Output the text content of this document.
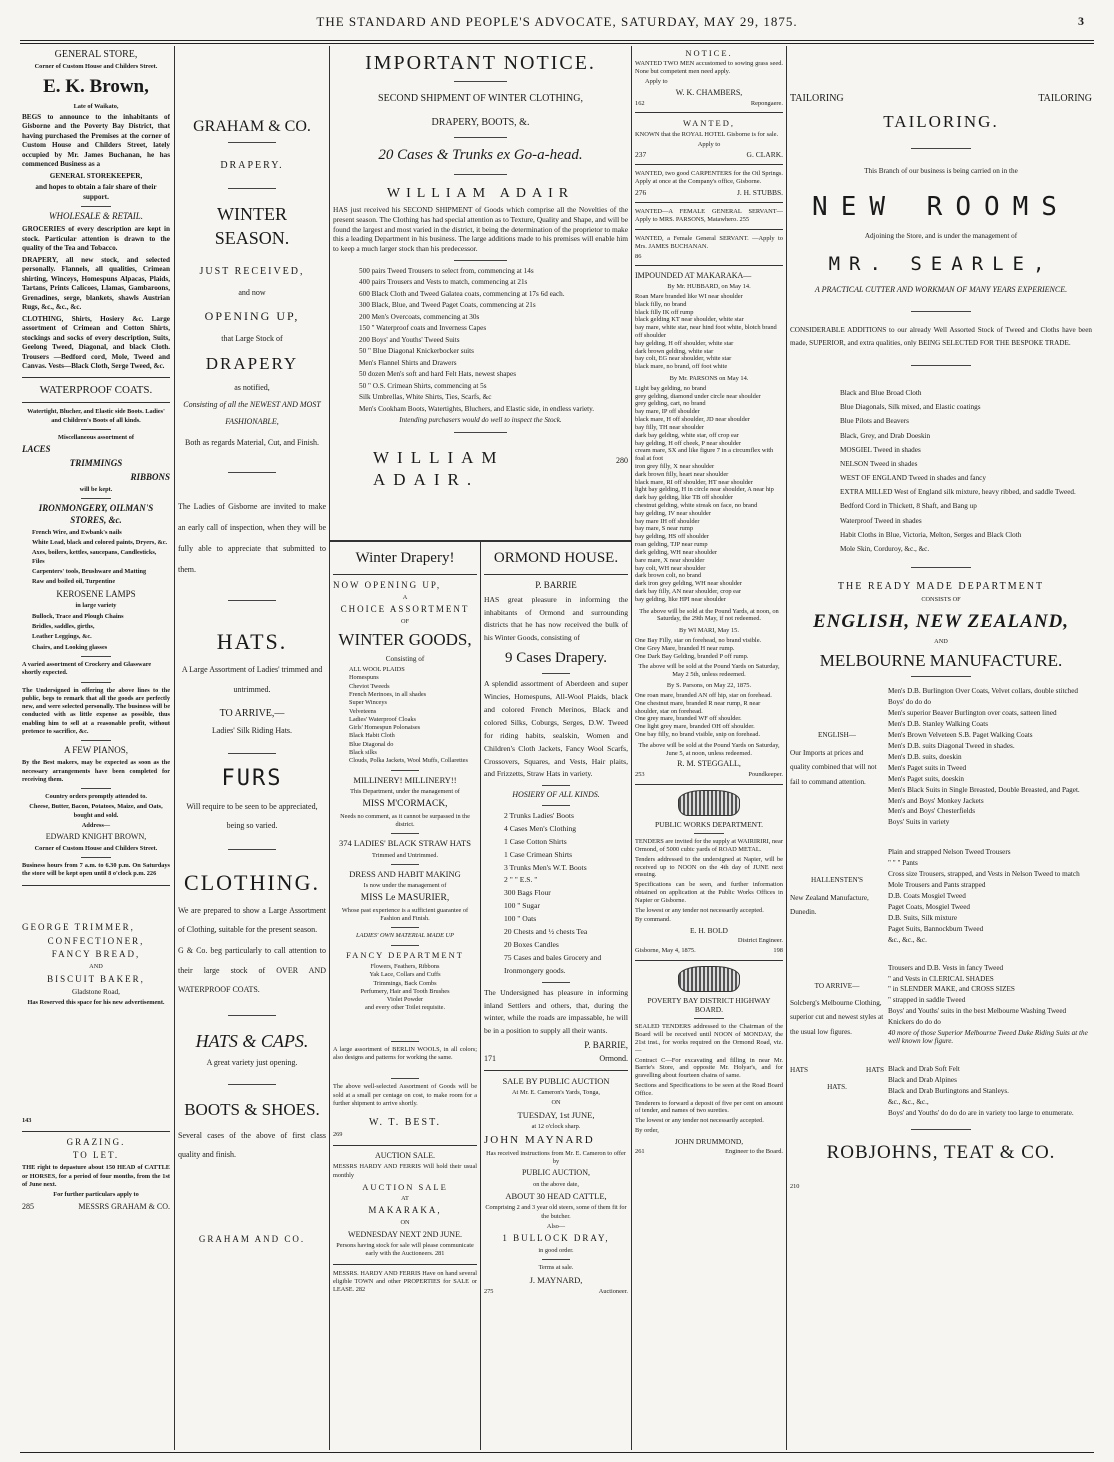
THE STANDARD AND PEOPLE'S ADVOCATE, SATURDAY, MAY 29, 1875.	3
GENERAL STORE,

Corner of Custom House and Childers Street.

E. K. Brown,

Late of Waikato,

BEGS to announce to the inhabitants of Gisborne and the Poverty Bay District, that having purchased the Premises at the corner of Custom House and Childers Street, lately occupied by Mr. James Buchanan, he has commenced Business as a

GENERAL STOREKEEPER,

and hopes to obtain a fair share of their support.

WHOLESALE & RETAIL.

GROCERIES of every description are kept in stock. Particular attention is drawn to the quality of the Tea and Tobacco.

DRAPERY, all new stock, and selected personally. Flannels, all qualities, Crimean shirting, Winceys, Homespuns Alpacas, Plaids, Tartans, Prints Calicoes, Llamas, Gambaroons, Grenadines, serge, blankets, shawls Austrian Rugs, &c., &c., &c.

CLOTHING, Shirts, Hosiery &c. Large assortment of Crimean and Cotton Shirts, stockings and socks of every description, Suits, Geelong Tweed, Diagonal, and black Cloth. Trousers —Bedford cord, Mole, Tweed and Canvas. Vests—Black Cloth, Serge Tweed, &c.

WATERPROOF COATS.

Watertight, Blucher, and Elastic side Boots. Ladies' and Children's Boots of all kinds.

Miscellaneous assortment of

LACES

TRIMMINGS

RIBBONS

will be kept.

IRONMONGERY, OILMAN'S STORES, &c.

French Wire, and Ewbank's nails

White Lead, black and colored paints, Dryers, &c.

Axes, boilers, kettles, saucepans, Candlesticks, Files

Carpenters' tools, Brushware and Matting

Raw and boiled oil, Turpentine

KEROSENE LAMPS

in large variety

Bullock, Trace and Plough Chains

Bridles, saddles, girths,

Leather Leggings, &c.

Chairs, and Looking glasses

A varied assortment of Crockery and Glassware shortly expected.

The Undersigned in offering the above lines to the public, begs to remark that all the goods are perfectly new, and were selected personally. The business will be conducted with as little expense as possible, thus enabling him to sell at a reasonable profit, without pretence to sacrifice, &c.

A FEW PIANOS,

By the Best makers, may be expected as soon as the necessary arrangements have been completed for receiving them.

Country orders promptly attended to.

Cheese, Butter, Bacon, Potatoes, Maize, and Oats, bought and sold.

Address—

EDWARD KNIGHT BROWN,

Corner of Custom House and Childers Street.

Business hours from 7 a.m. to 6.30 p.m. On Saturdays the store will be kept open until 8 o'clock p.m. 226

GEORGE TRIMMER,

CONFECTIONER,

FANCY BREAD,

AND

BISCUIT BAKER,

Gladstone Road,

Has Reserved this space for his new advertisement.

143

GRAZING.

TO LET.

THE right to depasture about 150 HEAD of CATTLE or HORSES, for a period of four months, from the 1st of June next.

For further particulars apply to

285	MESSRS GRAHAM & CO.
GRAHAM & CO.

DRAPERY.

WINTER SEASON.

JUST RECEIVED,

and now

OPENING UP,

that Large Stock of

DRAPERY

as notified,

Consisting of all the NEWEST AND MOST FASHIONABLE,

Both as regards Material, Cut, and Finish.

The Ladies of Gisborne are invited to make an early call of inspection, when they will be fully able to appreciate that submitted to them.

HATS.

A Large Assortment of Ladies' trimmed and untrimmed.

TO ARRIVE,—

Ladies' Silk Riding Hats.

FURS

Will require to be seen to be appreciated, being so varied.

CLOTHING.

We are prepared to show a Large Assortment of Clothing, suitable for the present season.

G & Co. beg particularly to call attention to their large stock of OVER AND WATERPROOF COATS.

HATS & CAPS.

A great variety just opening.

BOOTS & SHOES.

Several cases of the above of first class quality and finish.

GRAHAM AND CO.

IMPORTANT NOTICE.

SECOND SHIPMENT OF WINTER CLOTHING,

DRAPERY, BOOTS, &.

20 Cases & Trunks ex Go-a-head.

WILLIAM ADAIR

HAS just received his SECOND SHIPMENT of Goods which comprise all the Novelties of the present season. The Clothing has had special attention as to Texture, Quality and Shape, and will be found the largest and most varied in the district, it being the determination of the proprietor to make this a leading Department in his business. The large additions made to his premises will enable him to keep a much larger stock than his predecessor.

500 pairs Tweed Trousers to select from, commencing at 14s

400 pairs Trousers and Vests to match, commencing at 21s

600 Black Cloth and Tweed Galatea coats, commencing at 17s 6d each.

300 Black, Blue, and Tweed Paget Coats, commencing at 21s

200 Men's Overcoats, commencing at 30s

150 " Waterproof coats and Inverness Capes

200 Boys' and Youths' Tweed Suits

50 " Blue Diagonal Knickerbocker suits

Men's Flannel Shirts and Drawers

50 dozen Men's soft and hard Felt Hats, newest shapes

50 " O.S. Crimean Shirts, commencing at 5s

Silk Umbrellas, White Shirts, Ties, Scarfs, &c

Men's Cookham Boots, Watertights, Bluchers, and Elastic side, in endless variety.

Intending purchasers would do well to inspect the Stock.

WILLIAM ADAIR.
280
Winter Drapery!

NOW OPENING UP,

A

CHOICE ASSORTMENT

OF

WINTER GOODS,

Consisting of

ALL WOOL PLAIDS

Homespuns

Cheviot Tweeds

French Merinoes, in all shades

Super Winceys

Velveteens

Ladies' Waterproof Cloaks

Girls' Homespun Polonaises

Black Habit Cloth

Blue Diagonal do

Black silks

Clouds, Polka Jackets, Wool Muffs, Collarettes

MILLINERY! MILLINERY!!

This Department, under the management of

MISS M'CORMACK,

Needs no comment, as it cannot be surpassed in the district.

374 LADIES' BLACK STRAW HATS

Trimmed and Untrimmed.

DRESS AND HABIT MAKING

Is now under the management of

MISS Le MASURIER,

Whose past experience is a sufficient guarantee of Fashion and Finish.

LADIES' OWN MATERIAL MADE UP

FANCY DEPARTMENT

Flowers, Feathers, Ribbons

Yak Lace, Collars and Cuffs

Trimmings, Back Combs

Perfumery, Hair and Tooth Brushes

Violet Powder

and every other Toilet requisite.

A large assortment of BERLIN WOOLS, in all colors; also designs and patterns for working the same.

The above well-selected Assortment of Goods will be sold at a small per centage on cost, to make room for a further shipment to arrive shortly.

W. T. BEST.

269

AUCTION SALE.

MESSRS HARDY AND FERRIS Will hold their usual monthly

AUCTION SALE

AT

MAKARAKA,

ON

WEDNESDAY NEXT 2ND JUNE.

Persons having stock for sale will please communicate early with the Auctioneers. 281

MESSRS. HARDY AND FERRIS Have on hand several eligible TOWN and other PROPERTIES for SALE or LEASE. 282

ORMOND HOUSE.

P. BARRIE

HAS great pleasure in informing the inhabitants of Ormond and surrounding districts that he has now received the bulk of his Winter Goods, consisting of

9 Cases Drapery.

A splendid assortment of Aberdeen and super Wincies, Homespuns, All-Wool Plaids, black and colored French Merinos, Black and colored Silks, Coburgs, Serges, D.W. Tweed for riding habits, sealskin, Women and Children's Cloth Jackets, Fancy Wool Scarfs, Crossovers, Squares, and Vests, Hair plaits, and Frizzetts, Straw Hats in variety.

HOSIERY OF ALL KINDS.

2 Trunks Ladies' Boots

4 Cases Men's Clothing

1 Case Cotton Shirts

1 Case Crimean Shirts

3 Trunks Men's W.T. Boots

2 " " E.S. "

300 Bags Flour

100 " Sugar

100 " Oats

20 Chests and ½ chests Tea

20 Boxes Candles

75 Cases and bales Grocery and Ironmongery goods.

The Undersigned has pleasure in informing inland Settlers and others, that, during the winter, while the roads are impassable, he will be in a position to supply all their wants.

P. BARRIE,

171	Ormond.

SALE BY PUBLIC AUCTION

At Mr. E. Cameron's Yards, Tonga,

ON

TUESDAY, 1st JUNE,

at 12 o'clock sharp.

JOHN MAYNARD

Has received instructions from Mr. E. Cameron to offer by

PUBLIC AUCTION,

on the above date,

ABOUT 30 HEAD CATTLE,

Comprising 2 and 3 year old steers, some of them fit for the butcher.

Also—

1 BULLOCK DRAY,

in good order.

Terms at sale.

J. MAYNARD,

275	Auctioneer.

NOTICE.

WANTED TWO MEN accustomed to sowing grass seed. None but competent men need apply.

Apply to

W. K. CHAMBERS,

162	Repongaere.

WANTED,

KNOWN that the ROYAL HOTEL Gisborne is for sale.

Apply to

237	G. CLARK.

WANTED, two good CARPENTERS for the Oil Springs. Apply at once at the Company's office, Gisborne.

276	J. H. STUBBS.

WANTED—A FEMALE GENERAL SERVANT—Apply to MRS. PARSONS, Matawhero. 255

WANTED, a Female General SERVANT. —Apply to Mrs. JAMES BUCHANAN.

86

IMPOUNDED AT MAKARAKA—

By Mr. HUBBARD, on May 14.

Roan Mare branded like WI near shoulder

black filly, no brand

black filly IK off rump

black gelding KT near shoulder, white star

bay mare, white star, near hind foot white, blotch brand off shoulder

bay gelding, H off shoulder, white star

dark brown gelding, white star

bay colt, EG near shoulder, white star

black mare, no brand, off foot white

By Mr. PARSONS on May 14.

Light bay gelding, no brand

grey gelding, diamond under circle near shoulder

grey gelding, cart, no brand

bay mare, IP off shoulder

black mare, H off shoulder, JD near shoulder

bay filly, TH near shoulder

dark bay gelding, white star, off crop ear

bay gelding, H off cheek, P near shoulder

cream mare, SX and like figure 7 in a circumflex with foal at foot

iron grey filly, X near shoulder

dark brown filly, heart near shoulder

black mare, RI off shoulder, HT near shoulder

light bay gelding, H in circle near shoulder, A near hip

dark bay gelding, like TB off shoulder

chestnut gelding, white streak on face, no brand

bay gelding, IV near shoulder

bay mare IH off shoulder

bay mare, S near rump

bay gelding, HS off shoulder

roan gelding, TJP near rump

dark gelding, WH near shoulder

bare mare, X near shoulder

bay colt, WH near shoulder

dark brown colt, no brand

dark iron grey gelding, WH near shoulder

dark bay filly, AN near shoulder, crop ear

bay gelding, like HPI near shoulder

The above will be sold at the Pound Yards, at noon, on Saturday, the 29th May, if not redeemed.

By WI MARI, May 15.

One Bay Filly, star on forehead, no brand visible.

One Grey Mare, branded H near rump.

One Dark Bay Gelding, branded P off rump.

The above will be sold at the Pound Yards on Saturday, May 2 5th, unless redeemed.

By S. Parsons, on May 22, 1875.

One roan mare, branded AN off hip, star on forehead.

One chestnut mare, branded R near rump, R near shoulder, star on forehead.

One grey mare, branded WF off shoulder.

One light grey mare, branded OH off shoulder.

One bay filly, no brand visible, snip on forehead.

The above will be sold at the Pound Yards on Saturday, June 5, at noon, unless redeemed.

R. M. STEGGALL,

253	Poundkeeper.

PUBLIC WORKS DEPARTMENT.

TENDERS are invited for the supply at WAIRIRIRI, near Ormond, of 5000 cubic yards of ROAD METAL.

Tenders addressed to the undersigned at Napier, will be received up to NOON on the 4th day of JUNE next ensuing.

Specifications can be seen, and further information obtained on application at the Public Works Offices in Napier or Gisborne.

The lowest or any tender not necessarily accepted.

By command.

E. H. BOLD

District Engineer.

Gisborne, May 4, 1875.	198

POVERTY BAY DISTRICT HIGHWAY BOARD.

SEALED TENDERS addressed to the Chairman of the Board will be received until NOON of MONDAY, the 21st inst., for works required on the Ormond Road, viz.—

Contract C—For excavating and filling in near Mr. Barrie's Store, and opposite Mr. Holyar's, and for gravelling about fourteen chains of same.

Sections and Specifications to be seen at the Road Board Office.

Tenderers to forward a deposit of five per cent on amount of tender, and names of two sureties.

The lowest or any tender not necessarily accepted.

By order,

JOHN DRUMMOND,

261	Engineer to the Board.
TAILORING	TAILORING
TAILORING.

This Branch of our business is being carried on in the

NEW ROOMS

Adjoining the Store, and is under the management of

MR. SEARLE,

A PRACTICAL CUTTER AND WORKMAN OF MANY YEARS EXPERIENCE.

CONSIDERABLE ADDITIONS to our already Well Assorted Stock of Tweed and Cloths have been made, SUPERIOR, and extra qualities, only BEING SELECTED FOR THE BESPOKE TRADE.

Black and Blue Broad Cloth

Blue Diagonals, Silk mixed, and Elastic coatings

Blue Pilots and Beavers

Black, Grey, and Drab Doeskin

MOSGIEL Tweed in shades

NELSON Tweed in shades

WEST OF ENGLAND Tweed in shades and fancy

EXTRA MILLED West of England silk mixture, heavy ribbed, and saddle Tweed.

Bedford Cord in Thickett, 8 Shaft, and Bang up

Waterproof Tweed in shades

Habit Cloths in Blue, Victoria, Melton, Serges and Black Cloth

Mole Skin, Corduroy, &c., &c.

THE READY MADE DEPARTMENT

CONSISTS OF

ENGLISH, NEW ZEALAND,

AND

MELBOURNE MANUFACTURE.

ENGLISH—

Our Imports at prices and quality combined that will not fail to command attention.

Men's D.B. Burlington Over Coats, Velvet collars, double stitched

Boys' do do do

Men's superior Beaver Burlington over coats, satteen lined

Men's D.B. Stanley Walking Coats

Men's Brown Velveteen S.B. Paget Walking Coats

Men's D.B. suits Diagonal Tweed in shades.

Men's D.B. suits, doeskin

Men's Paget suits in Tweed

Men's Paget suits, doeskin

Men's Black Suits in Single Breasted, Double Breasted, and Paget.

Men's and Boys' Monkey Jackets

Men's and Boys' Chesterfields

Boys' Suits in variety

HALLENSTEN'S

New Zealand Manufacture, Dunedin.

Plain and strapped Nelson Tweed Trousers

" " " Pants

Cross size Trousers, strapped, and Vests in Nelson Tweed to match

Mole Trousers and Pants strapped

D.B. Coats Mosgiel Tweed

Paget Coats, Mosgiel Tweed

D.B. Suits, Silk mixture

Paget Suits, Bannockburn Tweed

&c., &c., &c.

TO ARRIVE—

Solcberg's Melbourne Clothing, superior cut and newest styles at the usual low figures.

Trousers and D.B. Vests in fancy Tweed

" and Vests in CLERICAL SHADES

" in SLENDER MAKE, and CROSS SIZES

" strapped in saddle Tweed

Boys' and Youths' suits in the best Melbourne Washing Tweed

Knickers do do do

40 more of those Superior Melbourne Tweed Duke Riding Suits at the well known low figure.

HATS	HATS

HATS.

Black and Drab Soft Felt

Black and Drab Alpines

Black and Drab Burlingtons and Stanleys.

&c., &c., &c.,

Boys' and Youths' do do do are in variety too large to enumerate.

ROBJOHNS, TEAT & CO.

210
